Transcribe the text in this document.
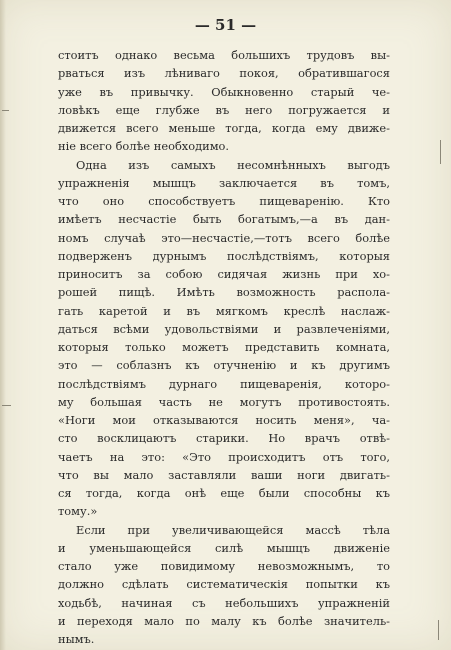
— 51 —
стоитъ однако весьма большихъ трудовъ вы-
рваться изъ лѣниваго покоя, обратившагося
уже въ привычку. Обыкновенно старый че-
ловѣкъ еще глубже въ него погружается и
движется всего меньше тогда, когда ему движе-
нiе всего болѣе необходимо.
Одна изъ самыхъ несомнѣнныхъ выгодъ
упражненiя мышцъ заключается въ томъ,
что оно способствуетъ пищеваренiю. Кто
имѣетъ несчастiе быть богатымъ,—а въ дан-
номъ случаѣ это—несчастiе,—тотъ всего болѣе
подверженъ дурнымъ послѣдствiямъ, которыя
приноситъ за собою сидячая жизнь при хо-
рошей пищѣ. Имѣть возможность распола-
гать каретой и въ мягкомъ креслѣ наслаж-
даться всѣми удовольствiями и развлеченiями,
которыя только можетъ представить комната,
это — соблазнъ къ отучненiю и къ другимъ
послѣдствiямъ дурнаго пищеваренiя, которо-
му большая часть не могутъ противостоять.
«Ноги мои отказываются носить меня», ча-
сто восклицаютъ старики. Но врачъ отвѣ-
чаетъ на это: «Это происходитъ отъ того,
что вы мало заставляли ваши ноги двигать-
ся тогда, когда онѣ еще были способны къ
тому.»
Если при увеличивающейся массѣ тѣла
и уменьшающейся силѣ мышцъ движенiе
стало уже повидимому невозможнымъ, то
должно сдѣлать систематическiя попытки къ
ходьбѣ, начиная съ небольшихъ упражненiй
и переходя мало по малу къ болѣе значитель-
нымъ.
